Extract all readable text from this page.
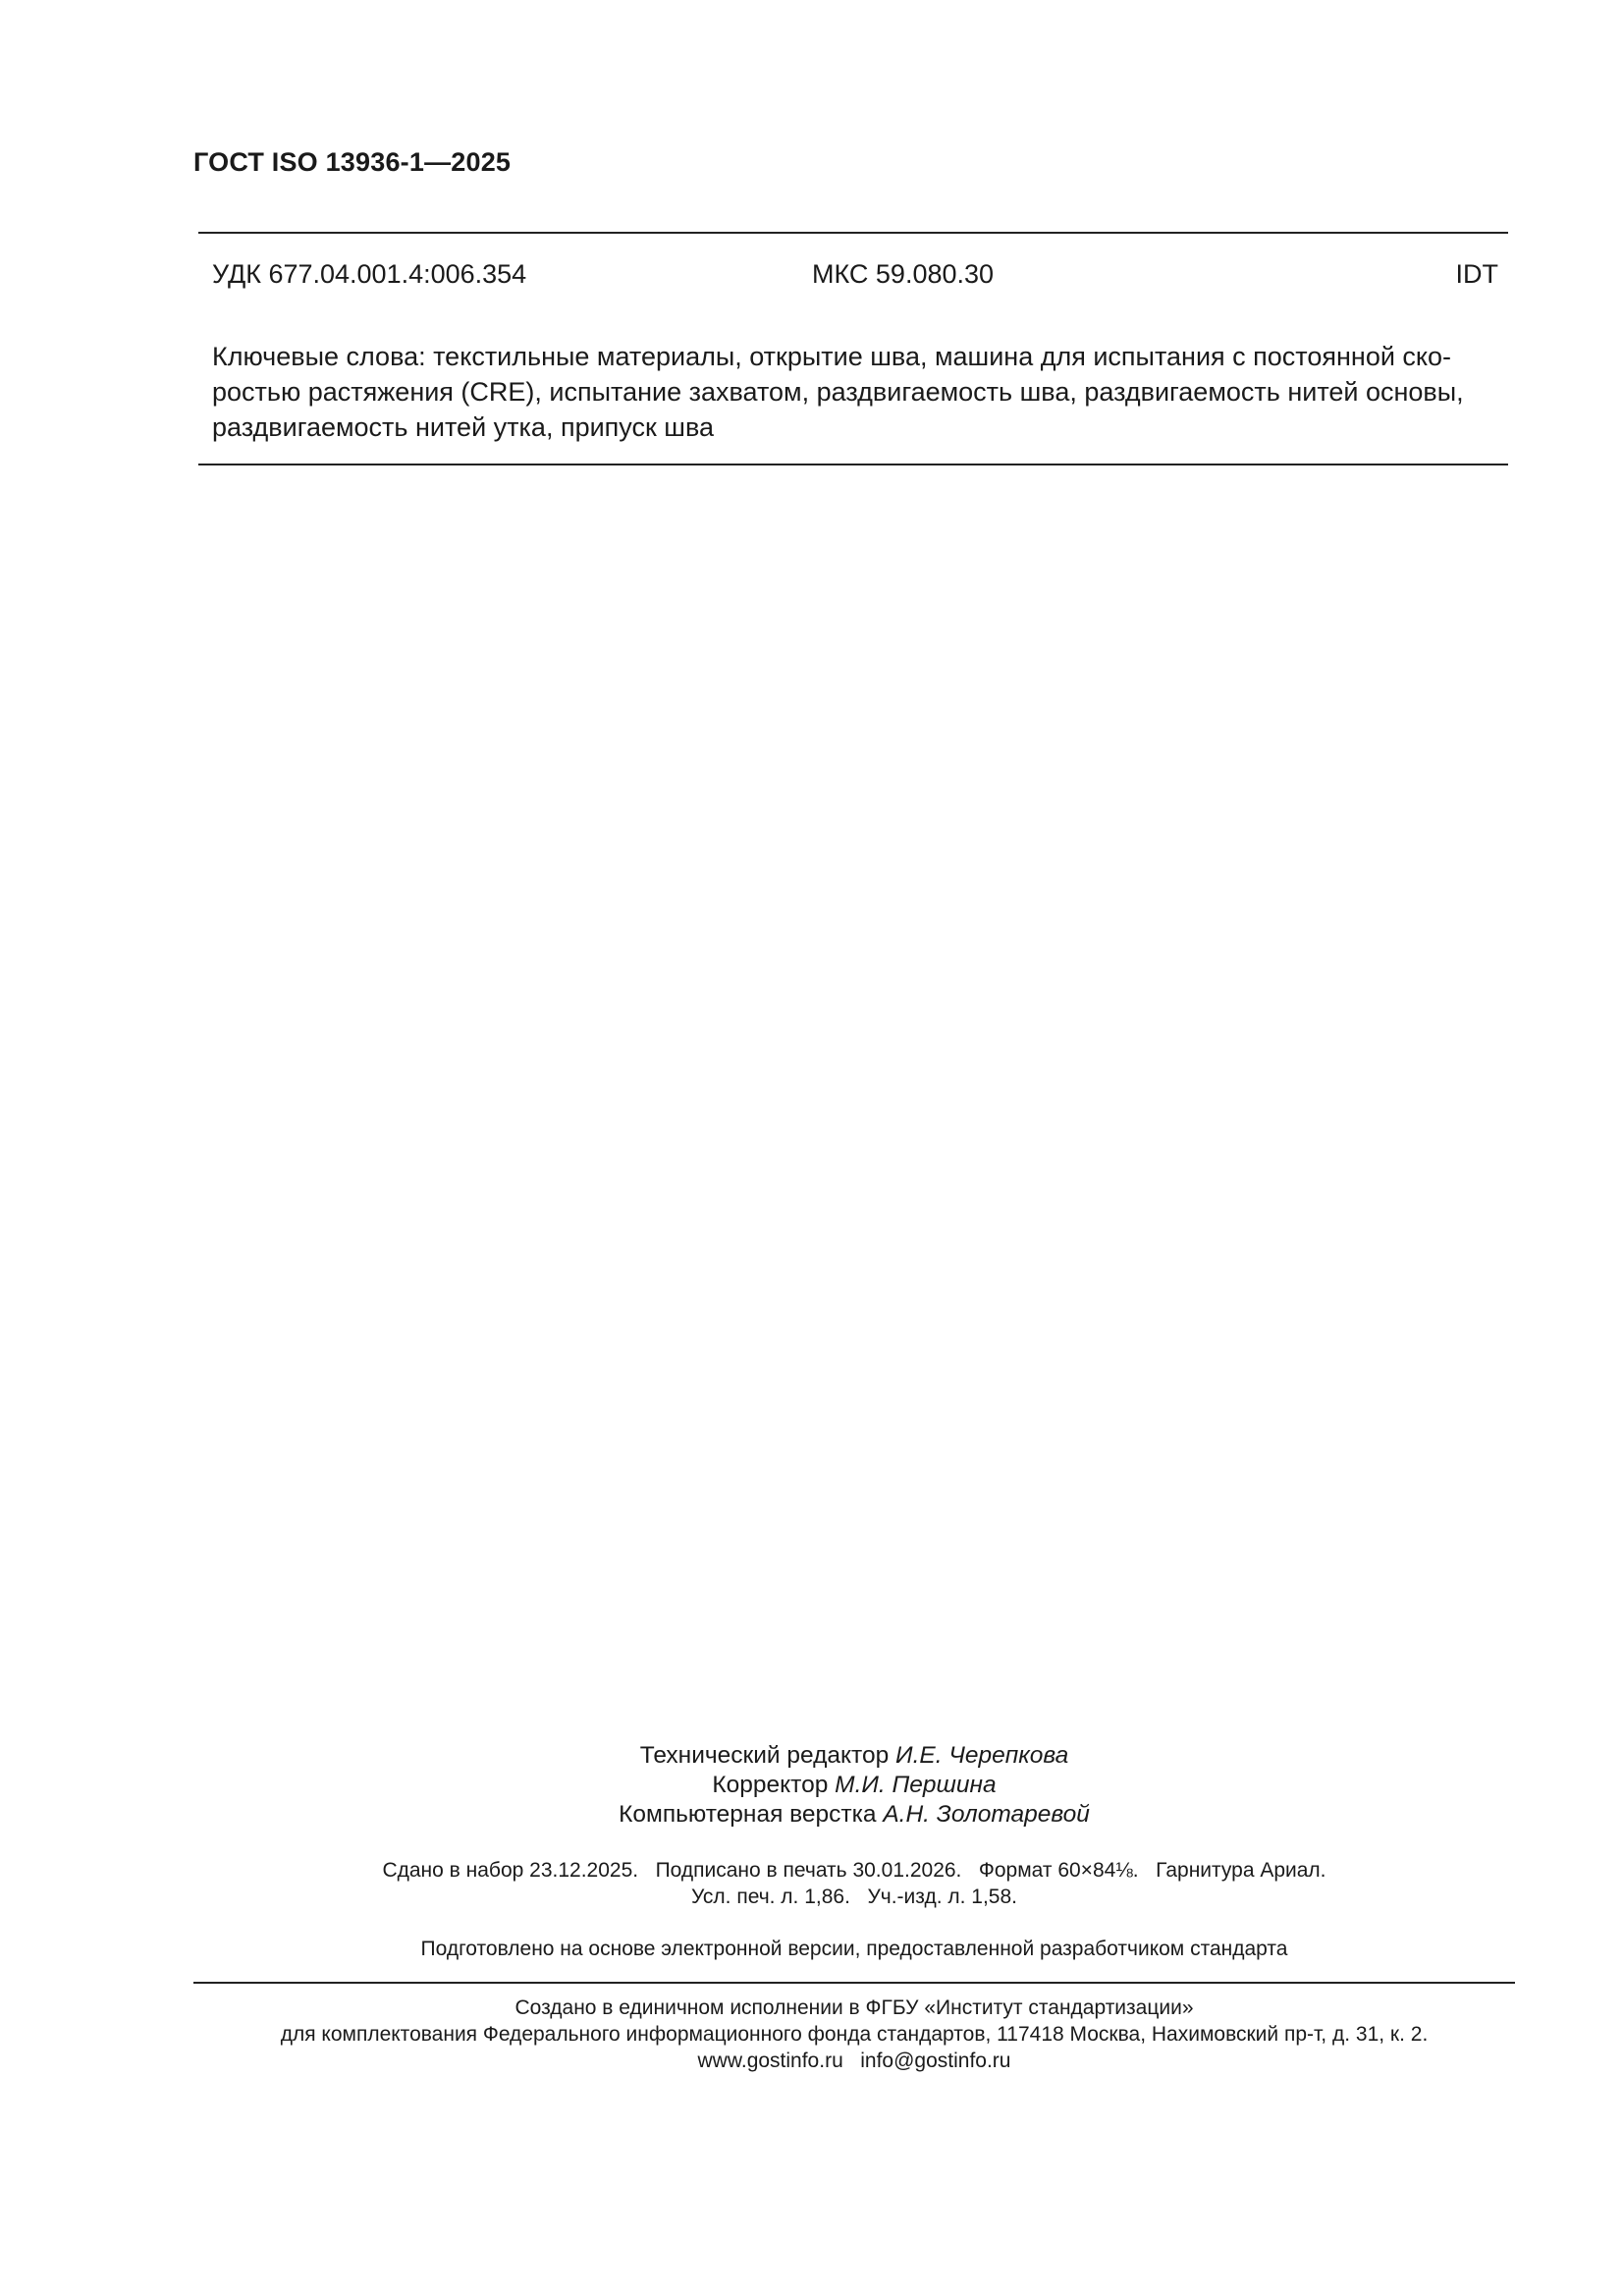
ГОСТ ISO 13936-1—2025
УДК 677.04.001.4:006.354	МКС 59.080.30	IDT
Ключевые слова: текстильные материалы, открытие шва, машина для испытания с постоянной ско-
ростью растяжения (CRE), испытание захватом, раздвигаемость шва, раздвигаемость нитей основы,
раздвигаемость нитей утка, припуск шва
Технический редактор И.Е. Черепкова
Корректор М.И. Першина
Компьютерная верстка А.Н. Золотаревой
Сдано в набор 23.12.2025.   Подписано в печать 30.01.2026.   Формат 60×84⅛.   Гарнитура Ариал.
Усл. печ. л. 1,86.   Уч.-изд. л. 1,58.
Подготовлено на основе электронной версии, предоставленной разработчиком стандарта
Создано в единичном исполнении в ФГБУ «Институт стандартизации»
для комплектования Федерального информационного фонда стандартов, 117418 Москва, Нахимовский пр-т, д. 31, к. 2.
www.gostinfo.ru   info@gostinfo.ru
